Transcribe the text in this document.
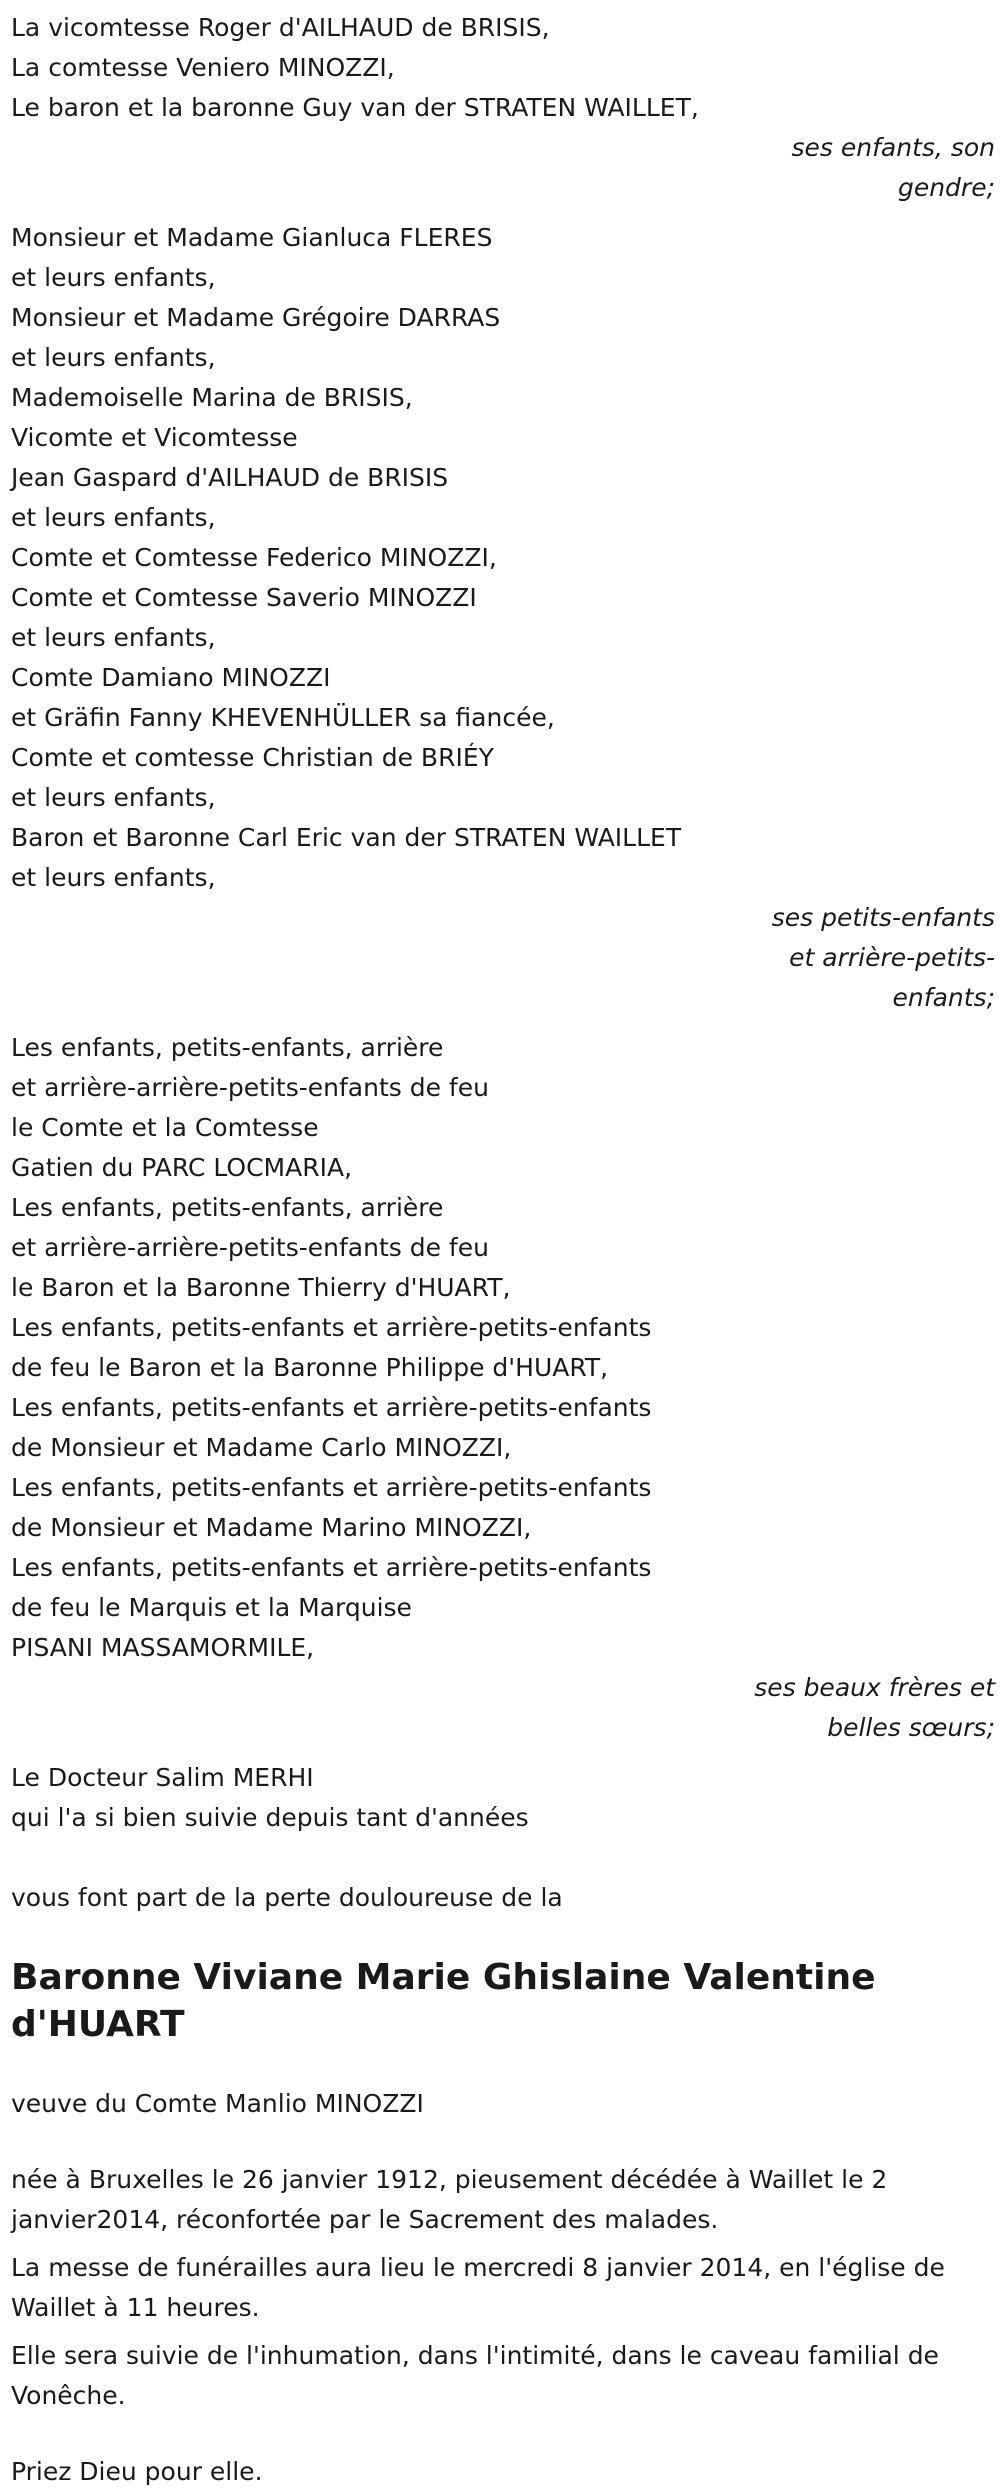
La vicomtesse Roger d'AILHAUD de BRISIS,

La comtesse Veniero MINOZZI,

Le baron et la baronne Guy van der STRATEN WAILLET,

ses enfants, son
gendre;

Monsieur et Madame Gianluca FLERES

et leurs enfants,

Monsieur et Madame Grégoire DARRAS

et leurs enfants,

Mademoiselle Marina de BRISIS,

Vicomte et Vicomtesse

Jean Gaspard d'AILHAUD de BRISIS

et leurs enfants,

Comte et Comtesse Federico MINOZZI,

Comte et Comtesse Saverio MINOZZI

et leurs enfants,

Comte Damiano MINOZZI

et Gräfin Fanny KHEVENHÜLLER sa fiancée,

Comte et comtesse Christian de BRIÉY

et leurs enfants,

Baron et Baronne Carl Eric van der STRATEN WAILLET

et leurs enfants,

ses petits-enfants
et arrière-petits-
enfants;

Les enfants, petits-enfants, arrière

et arrière-arrière-petits-enfants de feu

le Comte et la Comtesse

Gatien du PARC LOCMARIA,

Les enfants, petits-enfants, arrière

et arrière-arrière-petits-enfants de feu

le Baron et la Baronne Thierry d'HUART,

Les enfants, petits-enfants et arrière-petits-enfants

de feu le Baron et la Baronne Philippe d'HUART,

Les enfants, petits-enfants et arrière-petits-enfants

de Monsieur et Madame Carlo MINOZZI,

Les enfants, petits-enfants et arrière-petits-enfants

de Monsieur et Madame Marino MINOZZI,

Les enfants, petits-enfants et arrière-petits-enfants

de feu le Marquis et la Marquise

PISANI MASSAMORMILE,

ses beaux frères et
belles sœurs;

Le Docteur Salim MERHI

qui l'a si bien suivie depuis tant d'années

vous font part de la perte douloureuse de la

Baronne Viviane Marie Ghislaine Valentine

d'HUART

veuve du Comte Manlio MINOZZI

née à Bruxelles le 26 janvier 1912, pieusement décédée à Waillet le 2 janvier2014, réconfortée par le Sacrement des malades.

La messe de funérailles aura lieu le mercredi 8 janvier 2014, en l'église de Waillet à 11 heures.

Elle sera suivie de l'inhumation, dans l'intimité, dans le caveau familial de Vonêche.

Priez Dieu pour elle.
